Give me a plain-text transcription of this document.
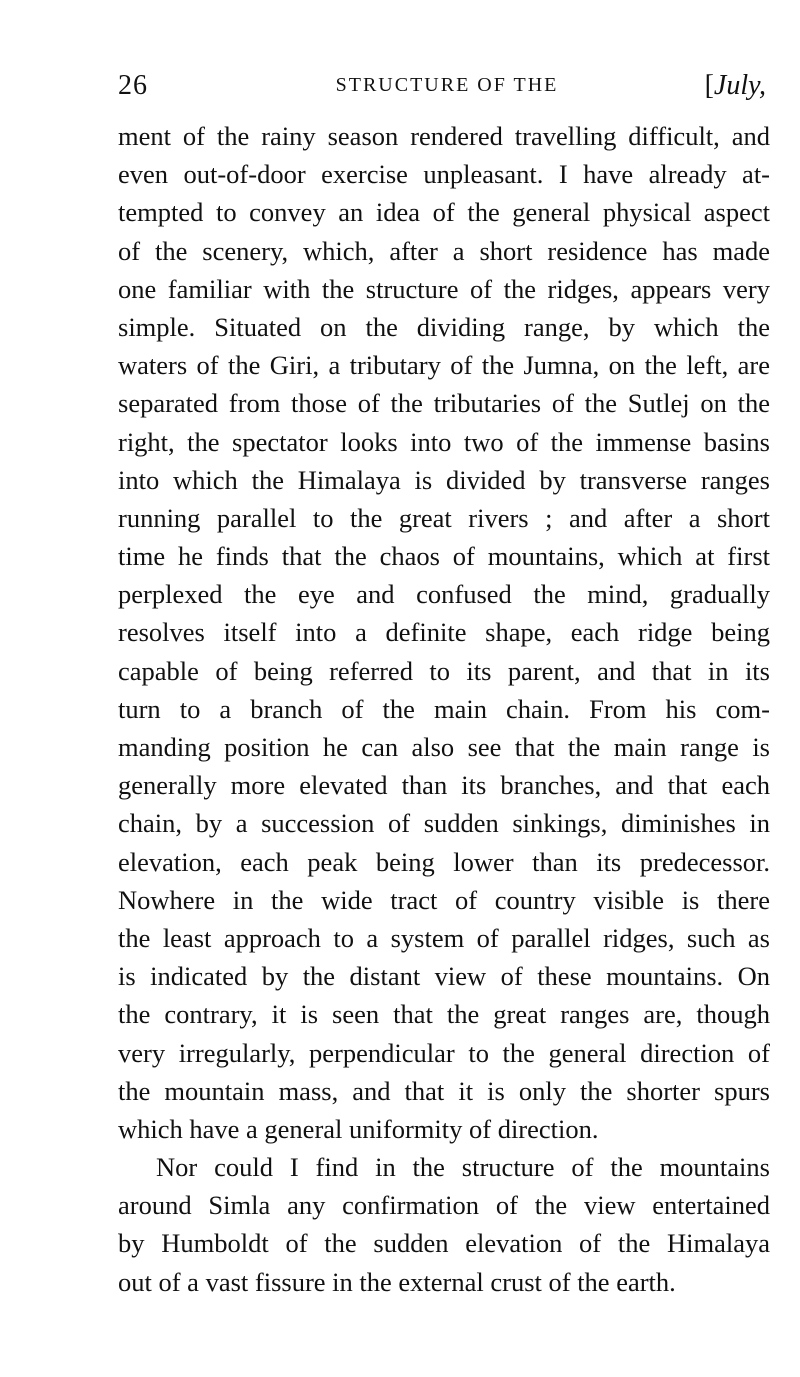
26	STRUCTURE OF THE	[July,
ment of the rainy season rendered travelling difficult, and
even out-of-door exercise unpleasant. I have already at-
tempted to convey an idea of the general physical aspect
of the scenery, which, after a short residence has made
one familiar with the structure of the ridges, appears very
simple. Situated on the dividing range, by which the
waters of the Giri, a tributary of the Jumna, on the left, are
separated from those of the tributaries of the Sutlej on the
right, the spectator looks into two of the immense basins
into which the Himalaya is divided by transverse ranges
running parallel to the great rivers ; and after a short
time he finds that the chaos of mountains, which at first
perplexed the eye and confused the mind, gradually
resolves itself into a definite shape, each ridge being
capable of being referred to its parent, and that in its
turn to a branch of the main chain. From his com-
manding position he can also see that the main range is
generally more elevated than its branches, and that each
chain, by a succession of sudden sinkings, diminishes in
elevation, each peak being lower than its predecessor.
Nowhere in the wide tract of country visible is there
the least approach to a system of parallel ridges, such as
is indicated by the distant view of these mountains. On
the contrary, it is seen that the great ranges are, though
very irregularly, perpendicular to the general direction of
the mountain mass, and that it is only the shorter spurs
which have a general uniformity of direction.
Nor could I find in the structure of the mountains
around Simla any confirmation of the view entertained
by Humboldt of the sudden elevation of the Himalaya
out of a vast fissure in the external crust of the earth.
